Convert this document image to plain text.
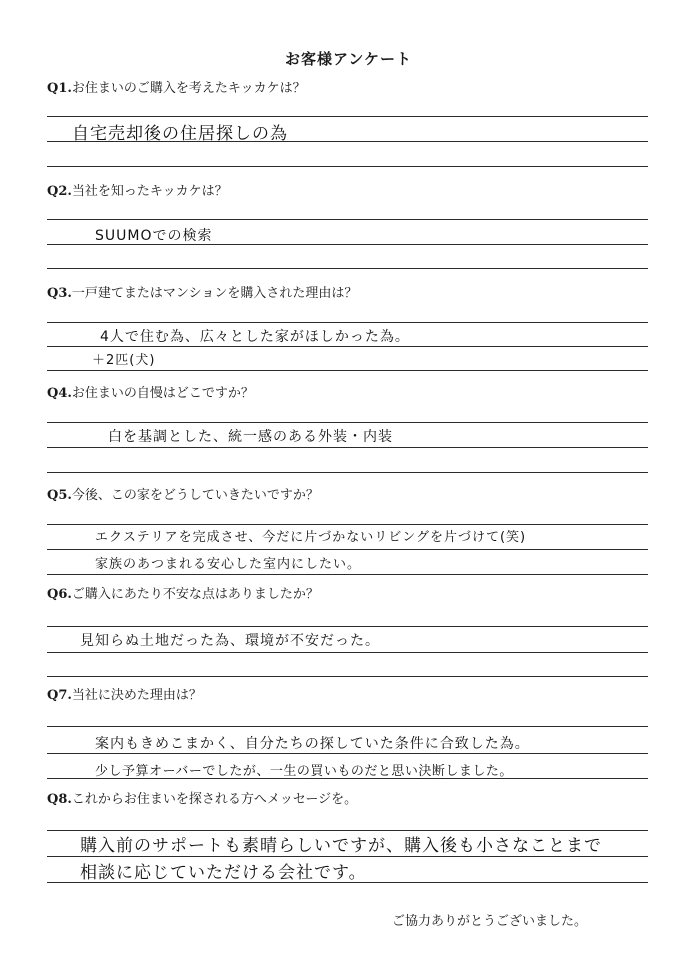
お客様アンケート
Q1.お住まいのご購入を考えたキッカケは？
自宅売却後の住居探しの為
Q2.当社を知ったキッカケは？
SUUMOでの検索
Q3.一戸建てまたはマンションを購入された理由は？
4人で住む為、広々とした家がほしかった為。
＋2匹(犬)
Q4.お住まいの自慢はどこですか？
白を基調とした、統一感のある外装・内装
Q5.今後、この家をどうしていきたいですか？
エクステリアを完成させ、今だに片づかないリビングを片づけて(笑)
家族のあつまれる安心した室内にしたい。
Q6.ご購入にあたり不安な点はありましたか？
見知らぬ土地だった為、環境が不安だった。
Q7.当社に決めた理由は？
案内もきめこまかく、自分たちの探していた条件に合致した為。
少し予算オーバーでしたが、一生の買いものだと思い決断しました。
Q8.これからお住まいを探される方へメッセージを。
購入前のサポートも素晴らしいですが、購入後も小さなことまで
相談に応じていただける会社です。
ご協力ありがとうございました。
